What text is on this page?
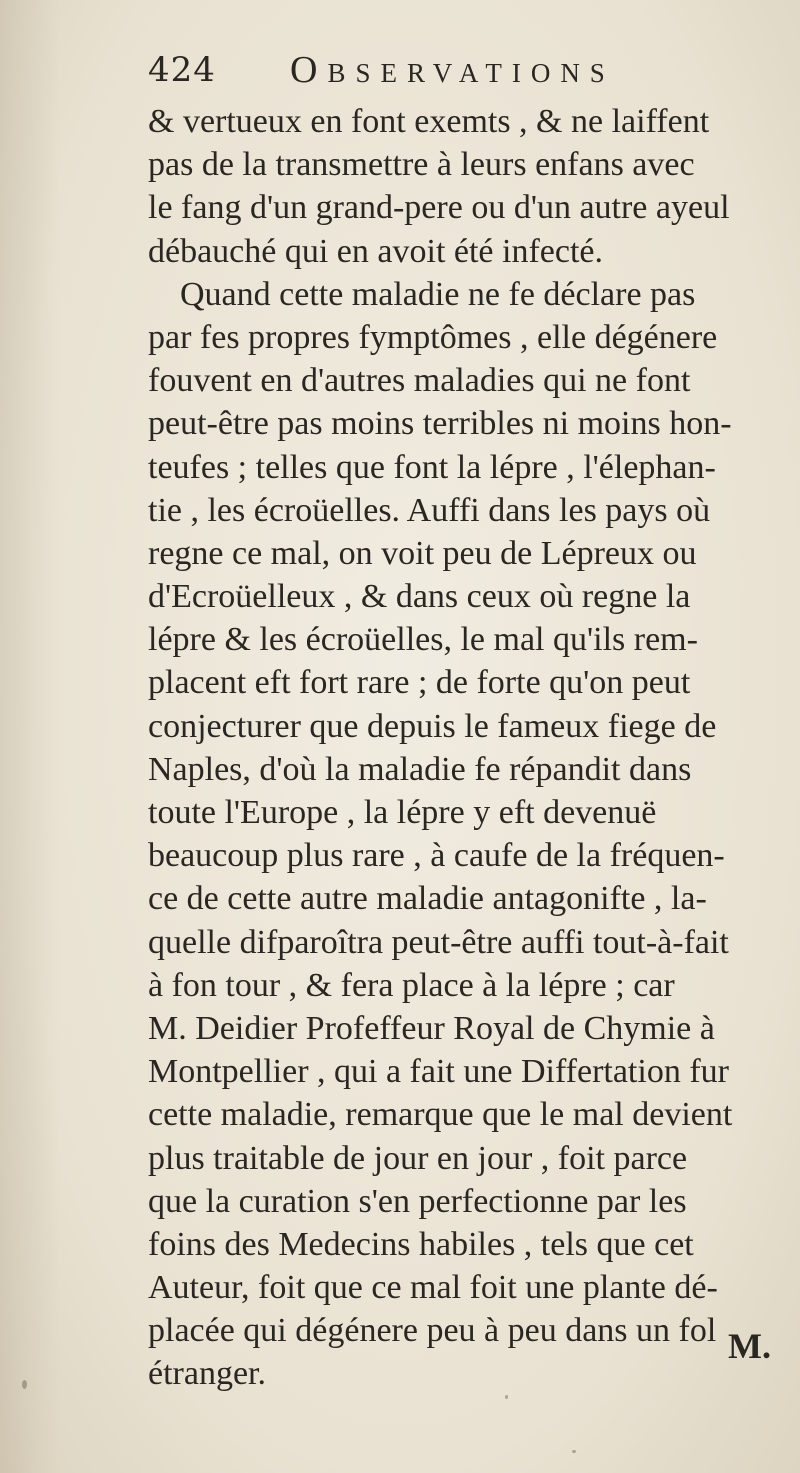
424 Observations
& vertueux en font exemts , & ne laiffent
pas de la transmettre à leurs enfans avec
le fang d'un grand-pere ou d'un autre ayeul
débauché qui en avoit été infecté.
Quand cette maladie ne fe déclare pas
par fes propres fymptômes , elle dégénere
fouvent en d'autres maladies qui ne font
peut-être pas moins terribles ni moins hon-
teufes ; telles que font la lépre , l'élephan-
tie , les écroüelles. Auffi dans les pays où
regne ce mal, on voit peu de Lépreux ou
d'Ecroüelleux , & dans ceux où regne la
lépre & les écroüelles, le mal qu'ils rem-
placent eft fort rare ; de forte qu'on peut
conjecturer que depuis le fameux fiege de
Naples, d'où la maladie fe répandit dans
toute l'Europe , la lépre y eft devenuë
beaucoup plus rare , à caufe de la fréquen-
ce de cette autre maladie antagonifte , la-
quelle difparoîtra peut-être auffi tout-à-fait
à fon tour , & fera place à la lépre ; car
M. Deidier Profeffeur Royal de Chymie à
Montpellier , qui a fait une Differtation fur
cette maladie, remarque que le mal devient
plus traitable de jour en jour , foit parce
que la curation s'en perfectionne par les
foins des Medecins habiles , tels que cet
Auteur, foit que ce mal foit une plante dé-
placée qui dégénere peu à peu dans un fol
étranger.
M.
